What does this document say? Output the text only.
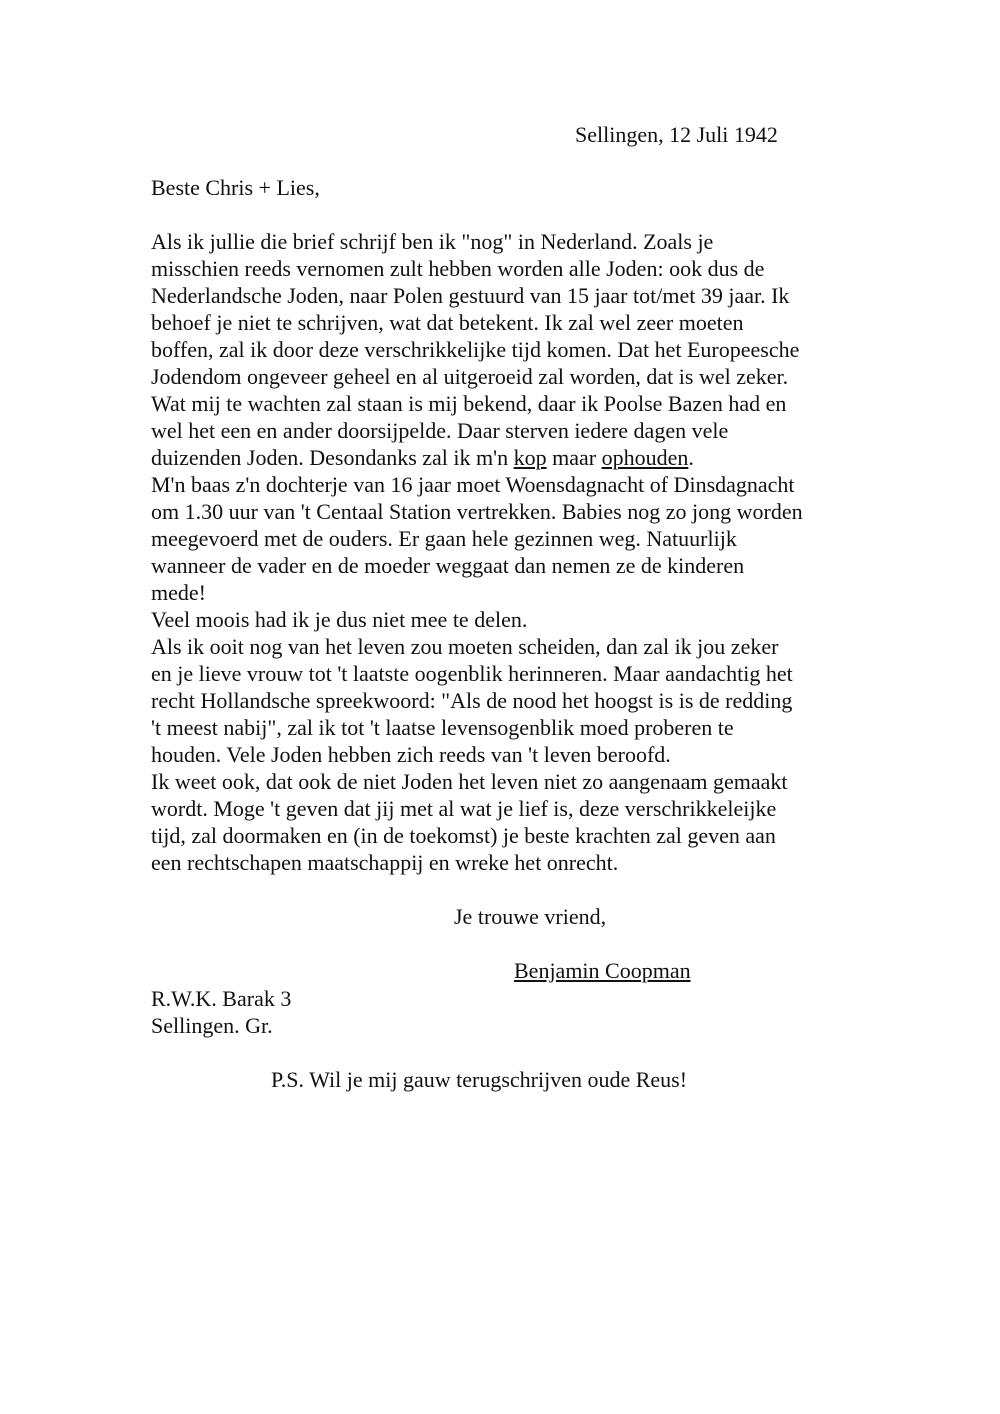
Sellingen, 12 Juli 1942
Beste Chris + Lies,
Als ik jullie die brief schrijf ben ik "nog" in Nederland. Zoals je
misschien reeds vernomen zult hebben worden alle Joden: ook dus de
Nederlandsche Joden, naar Polen gestuurd van 15 jaar tot/met 39 jaar. Ik
behoef je niet te schrijven, wat dat betekent. Ik zal wel zeer moeten
boffen, zal ik door deze verschrikkelijke tijd komen. Dat het Europeesche
Jodendom ongeveer geheel en al uitgeroeid zal worden, dat is wel zeker.
Wat mij te wachten zal staan is mij bekend, daar ik Poolse Bazen had en
wel het een en ander doorsijpelde. Daar sterven iedere dagen vele
duizenden Joden. Desondanks zal ik m'n kop maar ophouden.
M'n baas z'n dochterje van 16 jaar moet Woensdagnacht of Dinsdagnacht
om 1.30 uur van 't Centaal Station vertrekken. Babies nog zo jong worden
meegevoerd met de ouders. Er gaan hele gezinnen weg. Natuurlijk
wanneer de vader en de moeder weggaat dan nemen ze de kinderen
mede!
Veel moois had ik je dus niet mee te delen.
Als ik ooit nog van het leven zou moeten scheiden, dan zal ik jou zeker
en je lieve vrouw tot 't laatste oogenblik herinneren. Maar aandachtig het
recht Hollandsche spreekwoord: "Als de nood het hoogst is is de redding
't meest nabij", zal ik tot 't laatse levensogenblik moed proberen te
houden. Vele Joden hebben zich reeds van 't leven beroofd.
Ik weet ook, dat ook de niet Joden het leven niet zo aangenaam gemaakt
wordt. Moge 't geven dat jij met al wat je lief is, deze verschrikkeleijke
tijd, zal doormaken en (in de toekomst) je beste krachten zal geven aan
een rechtschapen maatschappij en wreke het onrecht.
Je trouwe vriend,
Benjamin Coopman
R.W.K. Barak 3
Sellingen. Gr.
P.S. Wil je mij gauw terugschrijven oude Reus!
